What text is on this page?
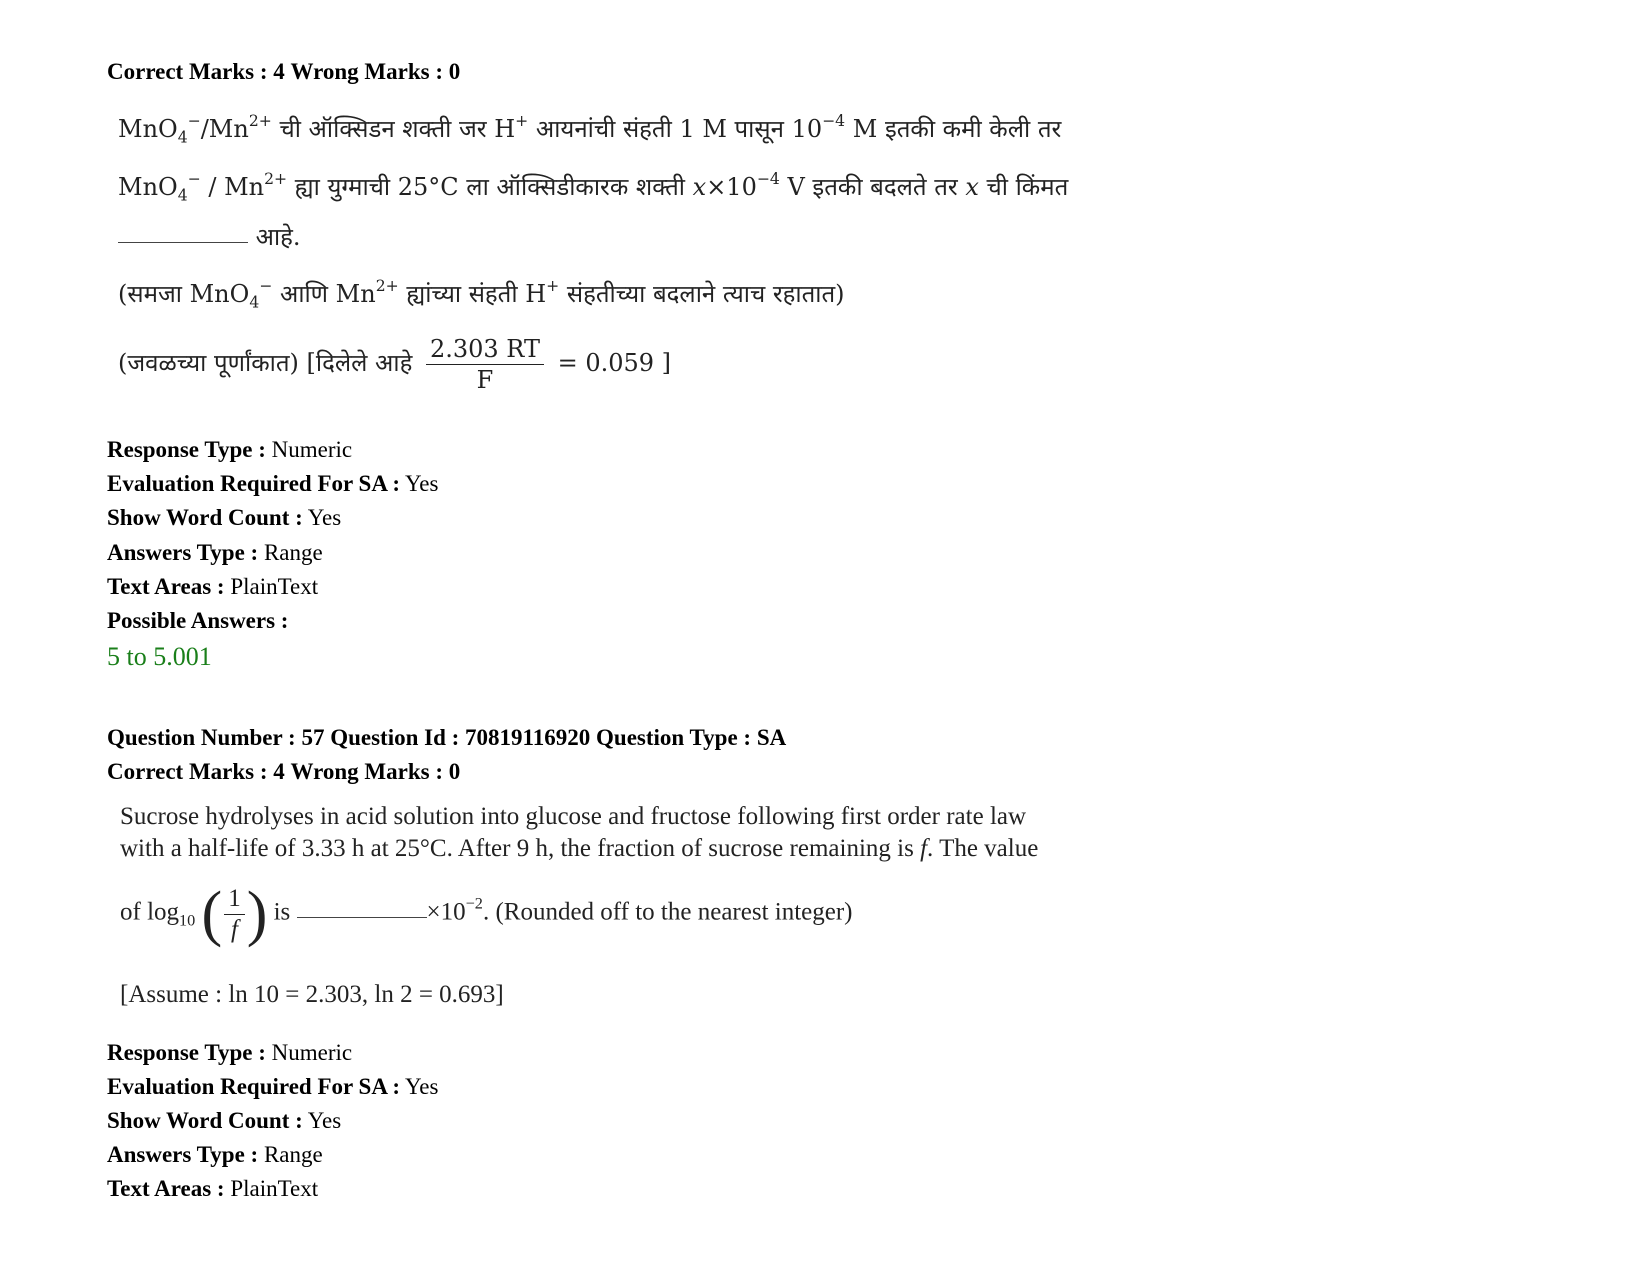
Correct Marks : 4 Wrong Marks : 0
$MnO_4^-/Mn^{2+}$ ची ऑक्सिडन शक्ती जर H+ आयनांची संहती 1 M पासून $10^{-4}$ M इतकी कमी केली तर
$MnO_4^- / Mn^{2+}$ ह्या युग्माची 25°C ला ऑक्सिडीकारक शक्ती $x\times 10^{-4}$ V इतकी बदलते तर x ची किंमत
आहे.
(समजा MnO$_4$− आणि $Mn^{2+}$ ह्यांच्या संहती H+ संहतीच्या बदलाने त्याच रहातात)
(जवळच्या पूर्णांकात) [दिलेले आहे $\frac{2.303 RT}{F} = 0.059$ ]
Response Type : Numeric
Evaluation Required For SA : Yes
Show Word Count : Yes
Answers Type : Range
Text Areas : PlainText
Possible Answers :
5 to 5.001
Question Number : 57 Question Id : 70819116920 Question Type : SA
Correct Marks : 4 Wrong Marks : 0
Sucrose hydrolyses in acid solution into glucose and fructose following first order rate law
with a half-life of 3.33 h at 25°C. After 9 h, the fraction of sucrose remaining is f. The value
of $\log_{10}$ ( $\frac{1}{f}$ ) is	$\times 10^{-2}$. (Rounded off to the nearest integer)
[Assume : ln 10 = 2.303, ln 2 = 0.693]
Response Type : Numeric
Evaluation Required For SA : Yes
Show Word Count : Yes
Answers Type : Range
Text Areas : PlainText
